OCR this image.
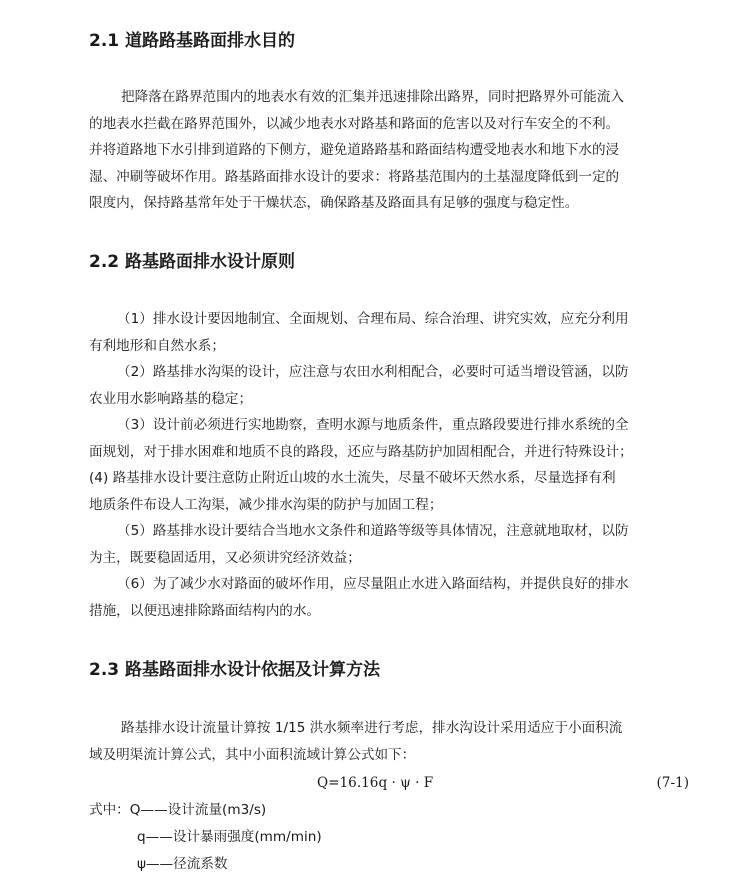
2.1 道路路基路面排水目的
把降落在路界范围内的地表水有效的汇集并迅速排除出路界，同时把路界外可能流入
的地表水拦截在路界范围外，以减少地表水对路基和路面的危害以及对行车安全的不利。
并将道路地下水引排到道路的下侧方，避免道路路基和路面结构遭受地表水和地下水的浸
湿、冲刷等破坏作用。路基路面排水设计的要求：将路基范围内的土基湿度降低到一定的
限度内，保持路基常年处于干燥状态，确保路基及路面具有足够的强度与稳定性。
2.2 路基路面排水设计原则
（1）排水设计要因地制宜、全面规划、合理布局、综合治理、讲究实效，应充分利用
有利地形和自然水系；
（2）路基排水沟渠的设计，应注意与农田水利相配合，必要时可适当增设管涵，以防
农业用水影响路基的稳定；
（3）设计前必须进行实地勘察，查明水源与地质条件，重点路段要进行排水系统的全
面规划，对于排水困难和地质不良的路段，还应与路基防护加固相配合，并进行特殊设计；
(4) 路基排水设计要注意防止附近山坡的水土流失，尽量不破坏天然水系，尽量选择有利
地质条件布设人工沟渠，减少排水沟渠的防护与加固工程；
（5）路基排水设计要结合当地水文条件和道路等级等具体情况，注意就地取材，以防
为主，既要稳固适用，又必须讲究经济效益；
（6）为了减少水对路面的破坏作用，应尽量阻止水进入路面结构，并提供良好的排水
措施，以便迅速排除路面结构内的水。
2.3 路基路面排水设计依据及计算方法
路基排水设计流量计算按 1/15 洪水频率进行考虑，排水沟设计采用适应于小面积流
域及明渠流计算公式，其中小面积流域计算公式如下：
Q=16.16q · ψ · F	(7-1)
式中：Q——设计流量(m3/s)
q——设计暴雨强度(mm/min)
ψ——径流系数
